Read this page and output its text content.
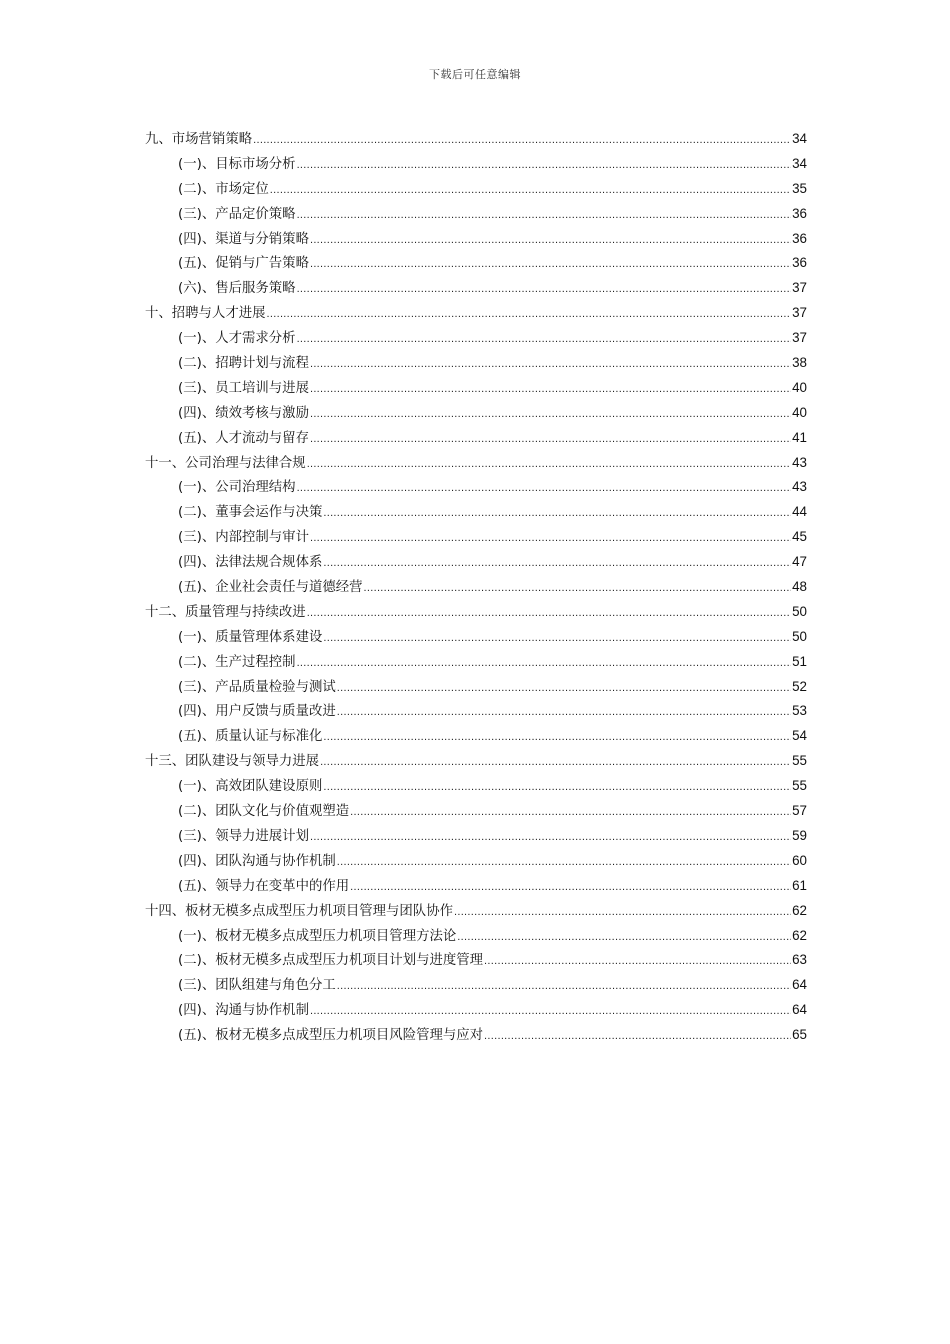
下载后可任意编辑
九、市场营销策略 .....	34
(一)、目标市场分析 .....	34
(二)、市场定位 .....	35
(三)、产品定价策略 .....	36
(四)、渠道与分销策略 .....	36
(五)、促销与广告策略 .....	36
(六)、售后服务策略 .....	37
十、招聘与人才进展 .....	37
(一)、人才需求分析 .....	37
(二)、招聘计划与流程 .....	38
(三)、员工培训与进展 .....	40
(四)、绩效考核与激励 .....	40
(五)、人才流动与留存 .....	41
十一、公司治理与法律合规 .....	43
(一)、公司治理结构 .....	43
(二)、董事会运作与决策 .....	44
(三)、内部控制与审计 .....	45
(四)、法律法规合规体系 .....	47
(五)、企业社会责任与道德经营 .....	48
十二、质量管理与持续改进 .....	50
(一)、质量管理体系建设 .....	50
(二)、生产过程控制 .....	51
(三)、产品质量检验与测试 .....	52
(四)、用户反馈与质量改进 .....	53
(五)、质量认证与标准化 .....	54
十三、团队建设与领导力进展 .....	55
(一)、高效团队建设原则 .....	55
(二)、团队文化与价值观塑造 .....	57
(三)、领导力进展计划 .....	59
(四)、团队沟通与协作机制 .....	60
(五)、领导力在变革中的作用 .....	61
十四、板材无模多点成型压力机项目管理与团队协作 .....	62
(一)、板材无模多点成型压力机项目管理方法论 .....	62
(二)、板材无模多点成型压力机项目计划与进度管理 .....	63
(三)、团队组建与角色分工 .....	64
(四)、沟通与协作机制 .....	64
(五)、板材无模多点成型压力机项目风险管理与应对 .....	65
